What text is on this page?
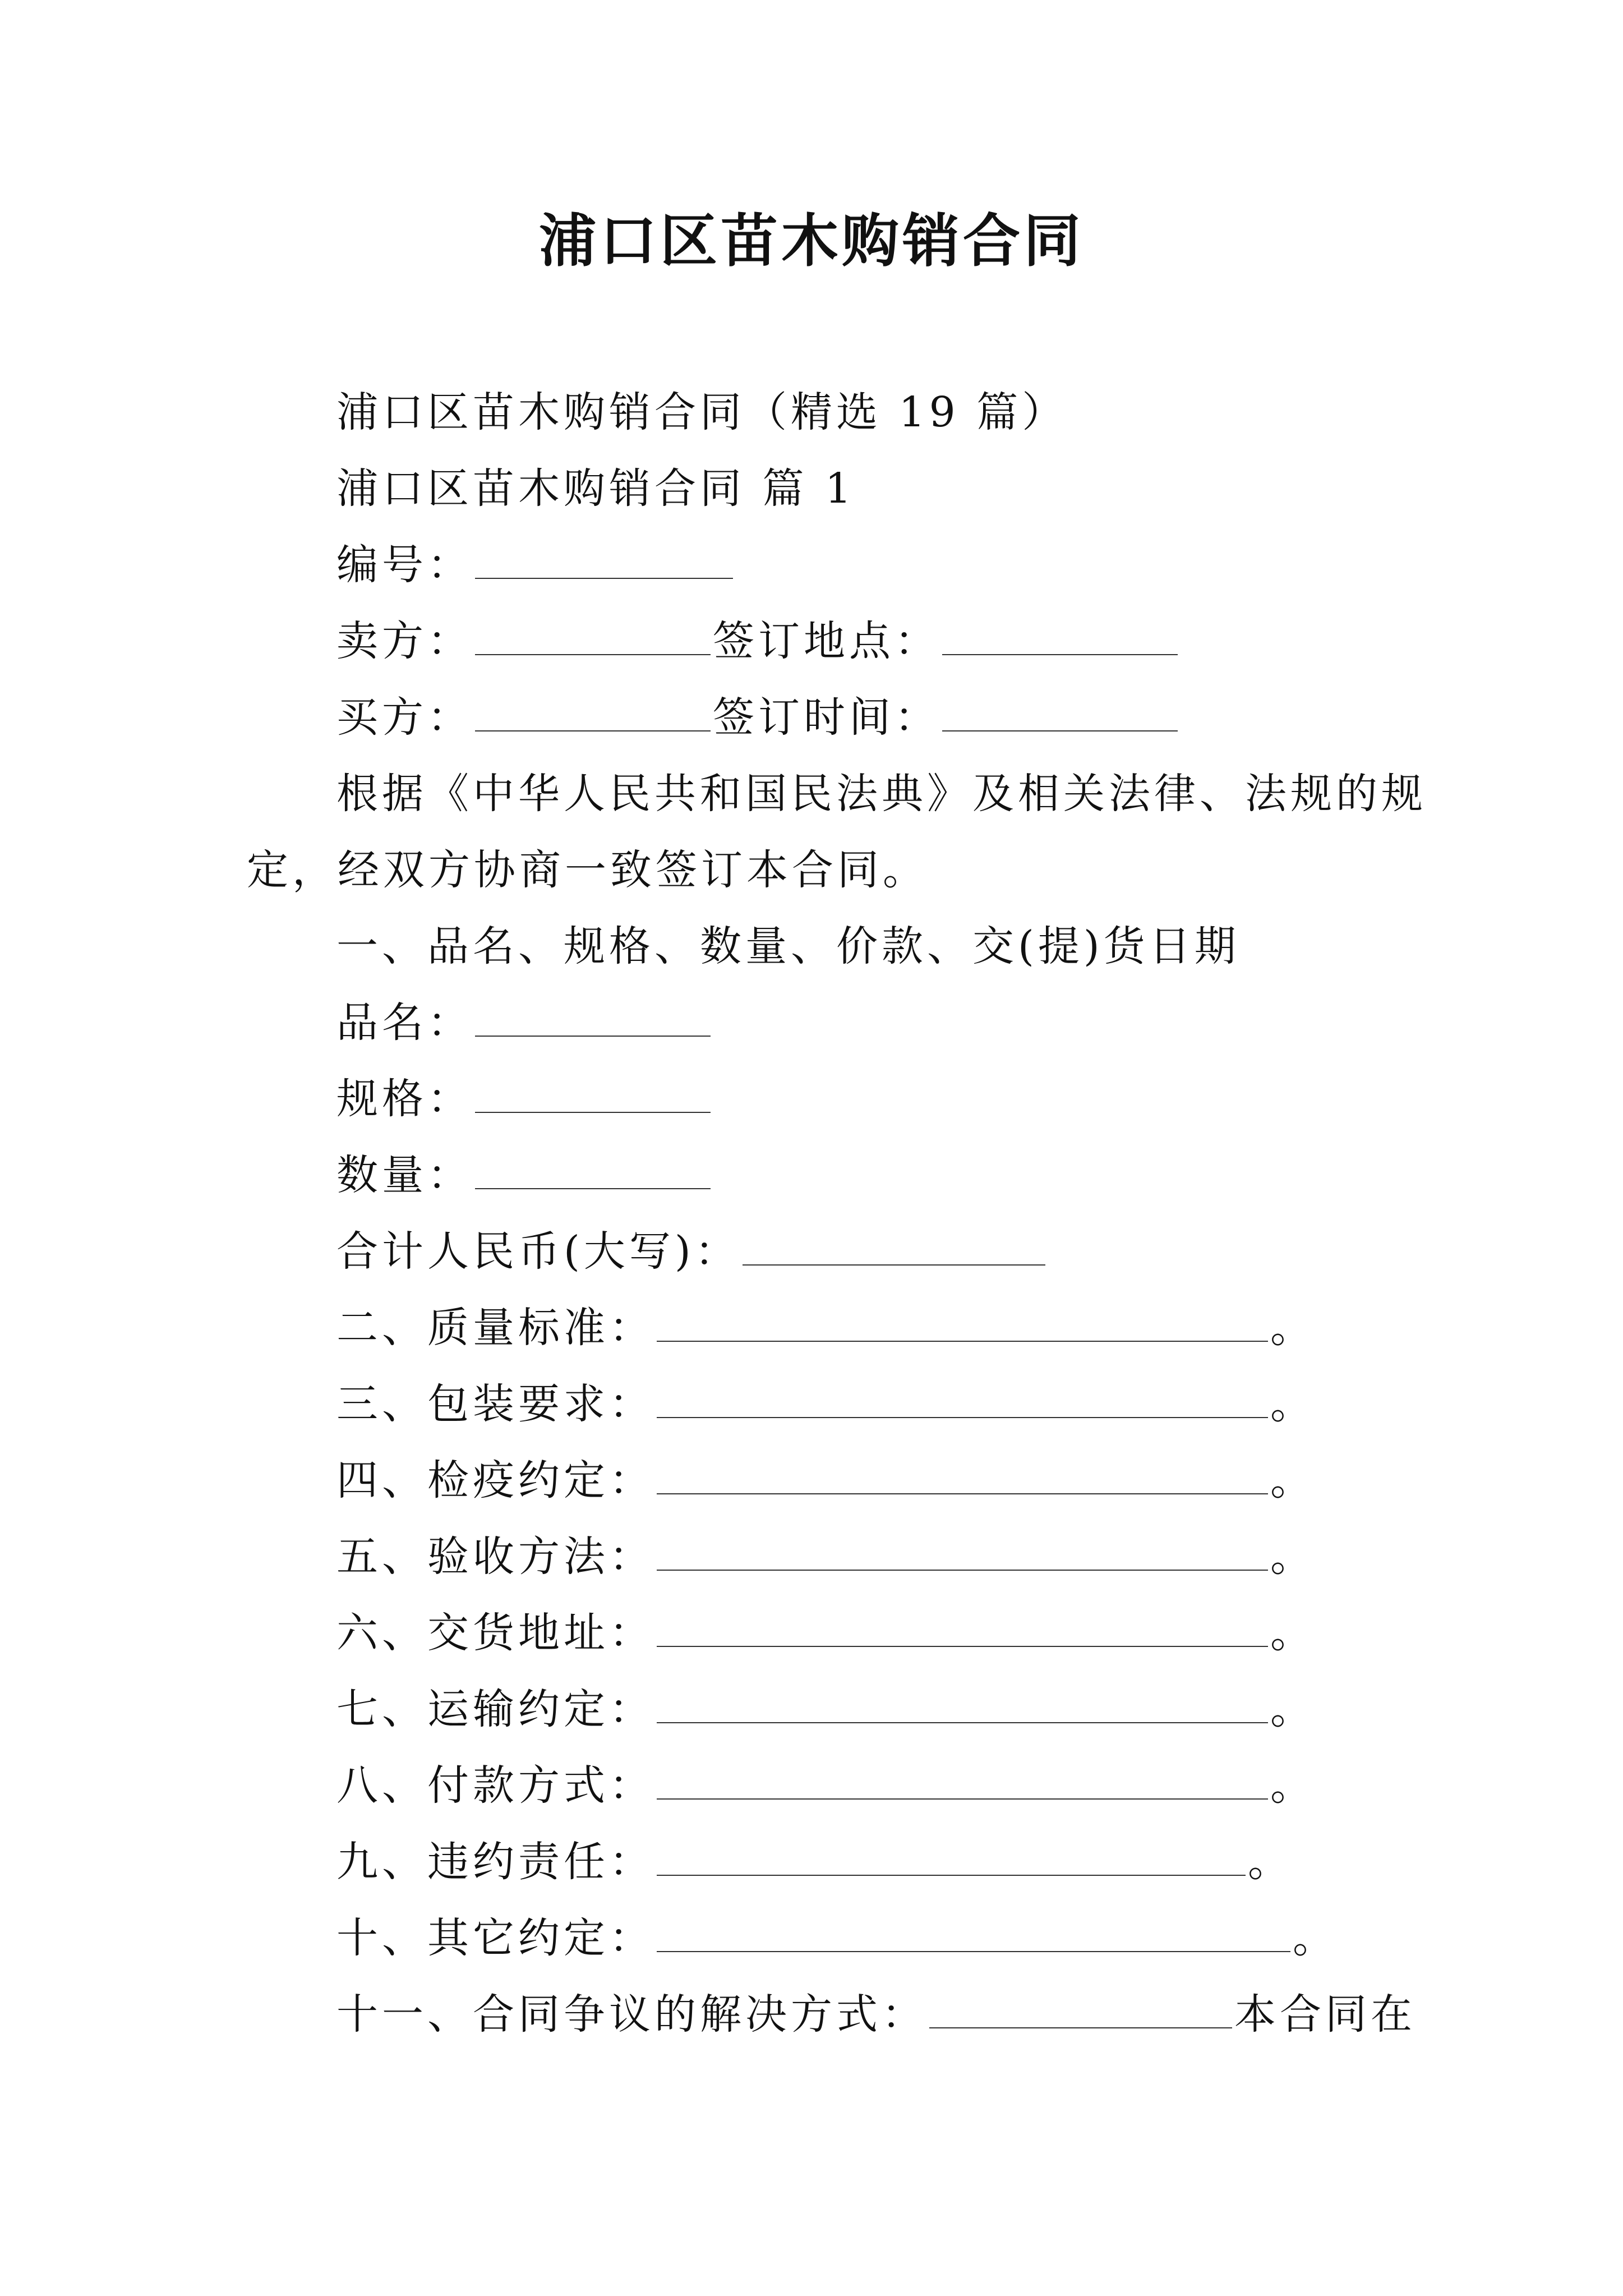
浦口区苗木购销合同
浦口区苗木购销合同（精选 19 篇）
浦口区苗木购销合同 篇 1
编号：
卖方：	签订地点：
买方：	签订时间：
根据《中华人民共和国民法典》及相关法律、法规的规
定，经双方协商一致签订本合同。
一、品名、规格、数量、价款、交(提)货日期
品名：
规格：
数量：
合计人民币(大写)：
二、质量标准：	。
三、包装要求：	。
四、检疫约定：	。
五、验收方法：	。
六、交货地址：	。
七、运输约定：	。
八、付款方式：	。
九、违约责任：	。
十、其它约定：	。
十一、合同争议的解决方式：	本合同在
